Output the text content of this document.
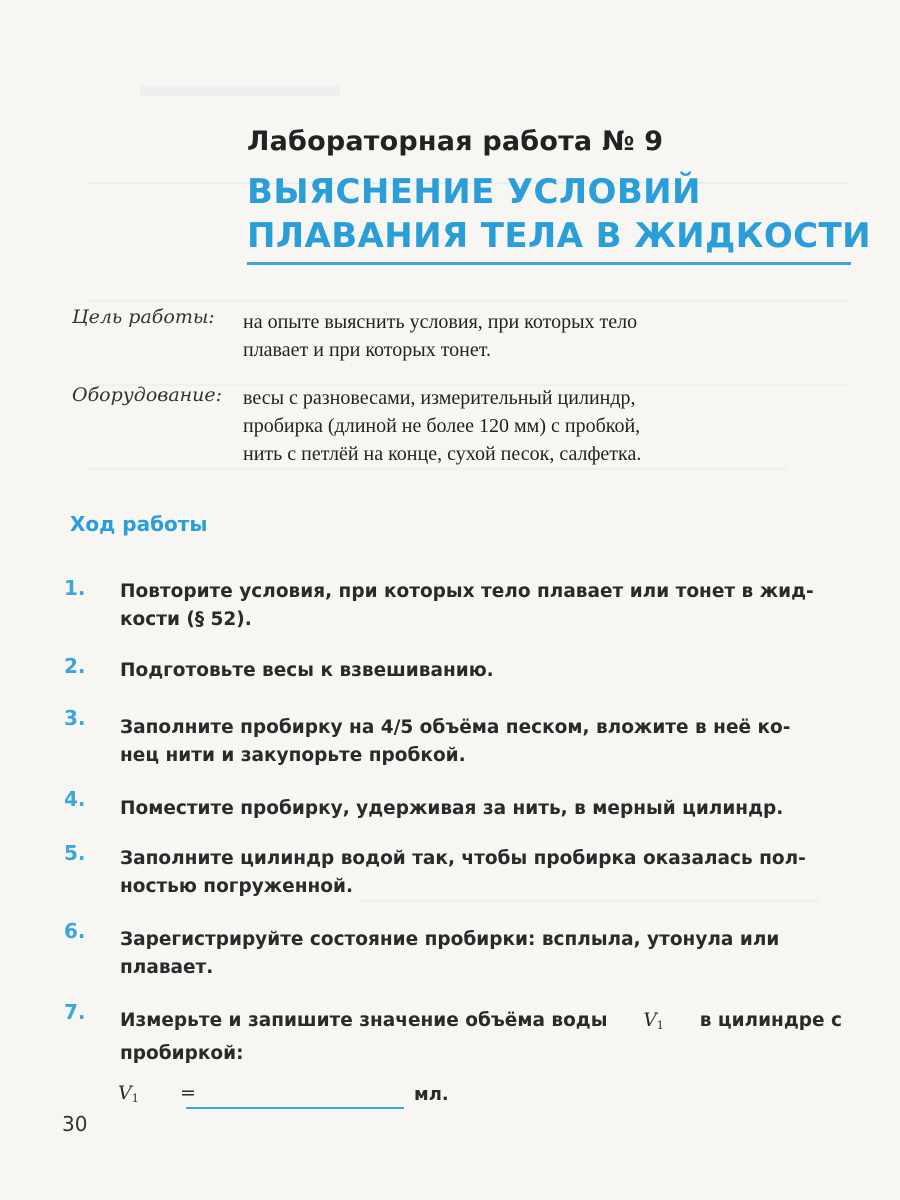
Лабораторная работа № 9
ВЫЯСНЕНИЕ УСЛОВИЙ
ПЛАВАНИЯ ТЕЛА В ЖИДКОСТИ
Цель работы: на опыте выяснить условия, при которых тело
плавает и при которых тонет.
Оборудование: весы с разновесами, измерительный цилиндр,
пробирка (длиной не более 120 мм) с пробкой,
нить с петлёй на конце, сухой песок, салфетка.
Ход работы
1. Повторите условия, при которых тело плавает или тонет в жид-
кости (§ 52).
2. Подготовьте весы к взвешиванию.
3. Заполните пробирку на 4/5 объёма песком, вложите в неё ко-
нец нити и закупорьте пробкой.
4. Поместите пробирку, удерживая за нить, в мерный цилиндр.
5. Заполните цилиндр водой так, чтобы пробирка оказалась пол-
ностью погруженной.
6. Зарегистрируйте состояние пробирки: всплыла, утонула или
плавает.
7. Измерьте и запишите значение объёма воды $V_1$ в цилиндре с
пробиркой:
$V_1$ =	мл.
30
